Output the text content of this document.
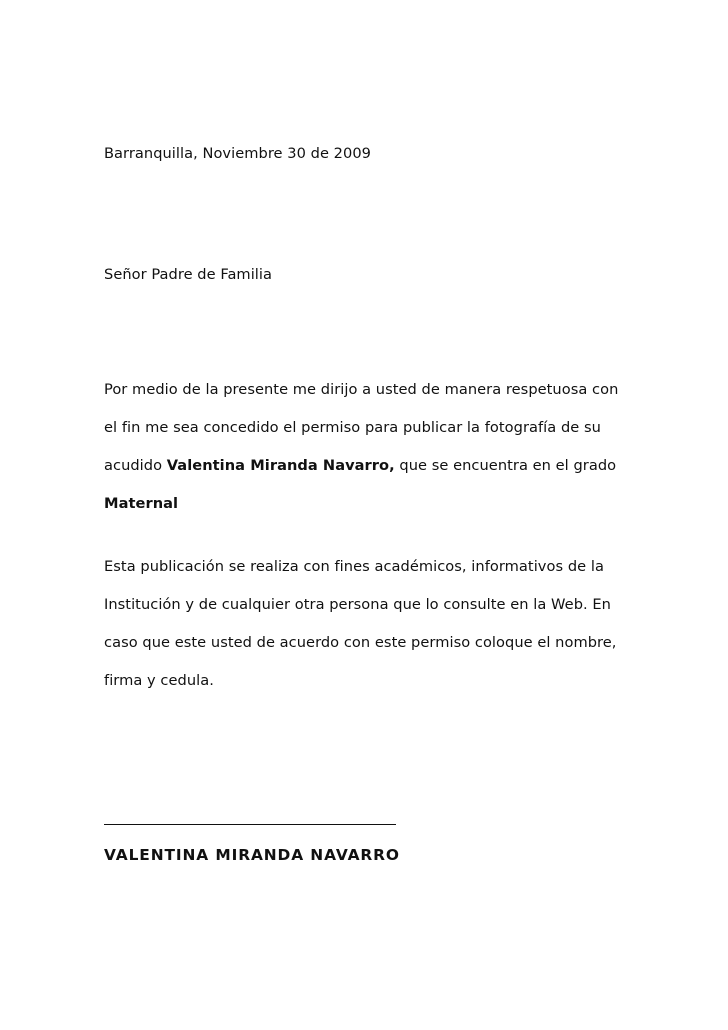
Barranquilla, Noviembre 30 de 2009
Señor Padre de Familia
Por medio de la presente me dirijo a usted de manera respetuosa con
el fin me sea concedido el permiso para publicar la fotografía de su
acudido Valentina Miranda Navarro, que se encuentra en el grado
Maternal
Esta publicación se realiza con fines académicos, informativos de la
Institución y de cualquier otra persona que lo consulte en la Web. En
caso que este usted de acuerdo con este permiso coloque el nombre,
firma y cedula.
VALENTINA MIRANDA NAVARRO
